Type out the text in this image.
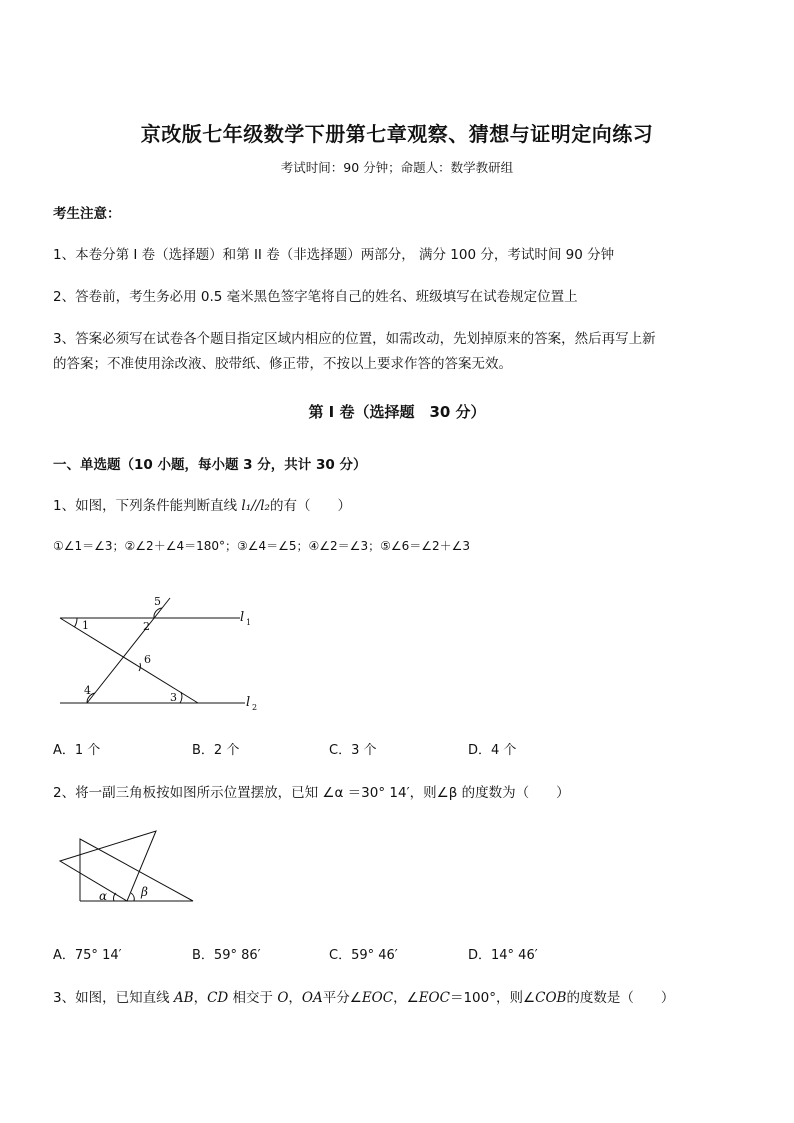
京改版七年级数学下册第七章观察、猜想与证明定向练习
考试时间：90 分钟；命题人：数学教研组
考生注意：
1、本卷分第 I 卷（选择题）和第 II 卷（非选择题）两部分， 满分 100 分，考试时间 90 分钟
2、答卷前，考生务必用 0.5 毫米黑色签字笔将自己的姓名、班级填写在试卷规定位置上
3、答案必须写在试卷各个题目指定区域内相应的位置，如需改动，先划掉原来的答案，然后再写上新
的答案；不准使用涂改液、胶带纸、修正带，不按以上要求作答的答案无效。
第 I 卷（选择题　30 分）
一、单选题（10 小题，每小题 3 分，共计 30 分）
1、如图，下列条件能判断直线 l₁//l₂的有（　　）
①∠1＝∠3；②∠2＋∠4＝180°；③∠4＝∠5；④∠2＝∠3；⑤∠6＝∠2＋∠3
1	2
3
4
5
6
l 1
l 2
A．1 个	B．2 个	C．3 个	D．4 个
2、将一副三角板按如图所示位置摆放，已知 ∠α ＝30° 14′，则∠β 的度数为（　　）
α	β
A．75° 14′	B．59° 86′	C．59° 46′	D．14° 46′
3、如图，已知直线 AB，CD 相交于 O，OA平分∠EOC，∠EOC＝100°，则∠COB的度数是（　　）
